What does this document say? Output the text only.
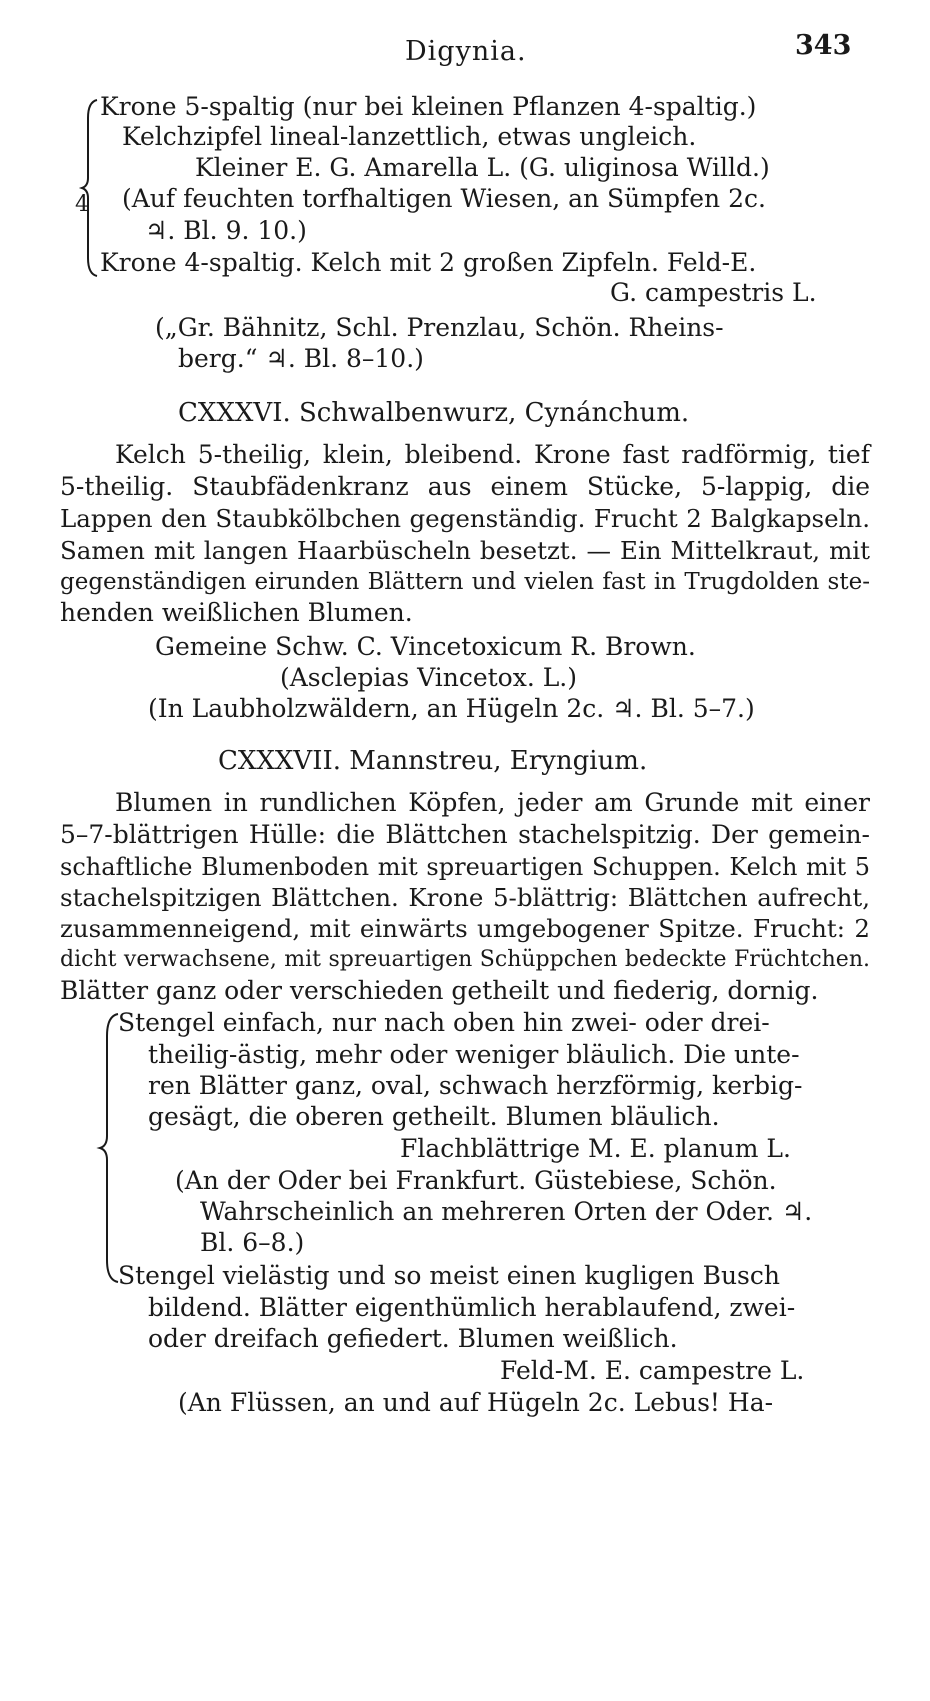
Digynia.	343
4
Krone 5-spaltig (nur bei kleinen Pflanzen 4-spaltig.)
Kelchzipfel lineal-lanzettlich, etwas ungleich.
Kleiner E. G. Amarella L. (G. uliginosa Willd.)
(Auf feuchten torfhaltigen Wiesen, an Sümpfen 2c.
♃. Bl. 9. 10.)
Krone 4-spaltig. Kelch mit 2 großen Zipfeln. Feld-E.
G. campestris L.
(„Gr. Bähnitz, Schl. Prenzlau, Schön. Rheins-
berg.“ ♃. Bl. 8–10.)
CXXXVI. Schwalbenwurz, Cynánchum.
Kelch 5-theilig, klein, bleibend. Krone fast radförmig, tief
5-theilig. Staubfädenkranz aus einem Stücke, 5-lappig, die
Lappen den Staubkölbchen gegenständig. Frucht 2 Balgkapseln.
Samen mit langen Haarbüscheln besetzt. — Ein Mittelkraut, mit
gegenständigen eirunden Blättern und vielen fast in Trugdolden ste-
henden weißlichen Blumen.
Gemeine Schw. C. Vincetoxicum R. Brown.
(Asclepias Vincetox. L.)
(In Laubholzwäldern, an Hügeln 2c. ♃. Bl. 5–7.)
CXXXVII. Mannstreu, Eryngium.
Blumen in rundlichen Köpfen, jeder am Grunde mit einer
5–7-blättrigen Hülle: die Blättchen stachelspitzig. Der gemein-
schaftliche Blumenboden mit spreuartigen Schuppen. Kelch mit 5
stachelspitzigen Blättchen. Krone 5-blättrig: Blättchen aufrecht,
zusammenneigend, mit einwärts umgebogener Spitze. Frucht: 2
dicht verwachsene, mit spreuartigen Schüppchen bedeckte Früchtchen.
Blätter ganz oder verschieden getheilt und fiederig, dornig.
Stengel einfach, nur nach oben hin zwei- oder drei-
theilig-ästig, mehr oder weniger bläulich. Die unte-
ren Blätter ganz, oval, schwach herzförmig, kerbig-
gesägt, die oberen getheilt. Blumen bläulich.
Flachblättrige M. E. planum L.
(An der Oder bei Frankfurt. Güstebiese, Schön.
Wahrscheinlich an mehreren Orten der Oder. ♃.
Bl. 6–8.)
Stengel vielästig und so meist einen kugligen Busch
bildend. Blätter eigenthümlich herablaufend, zwei-
oder dreifach gefiedert. Blumen weißlich.
Feld-M. E. campestre L.
(An Flüssen, an und auf Hügeln 2c. Lebus! Ha-
